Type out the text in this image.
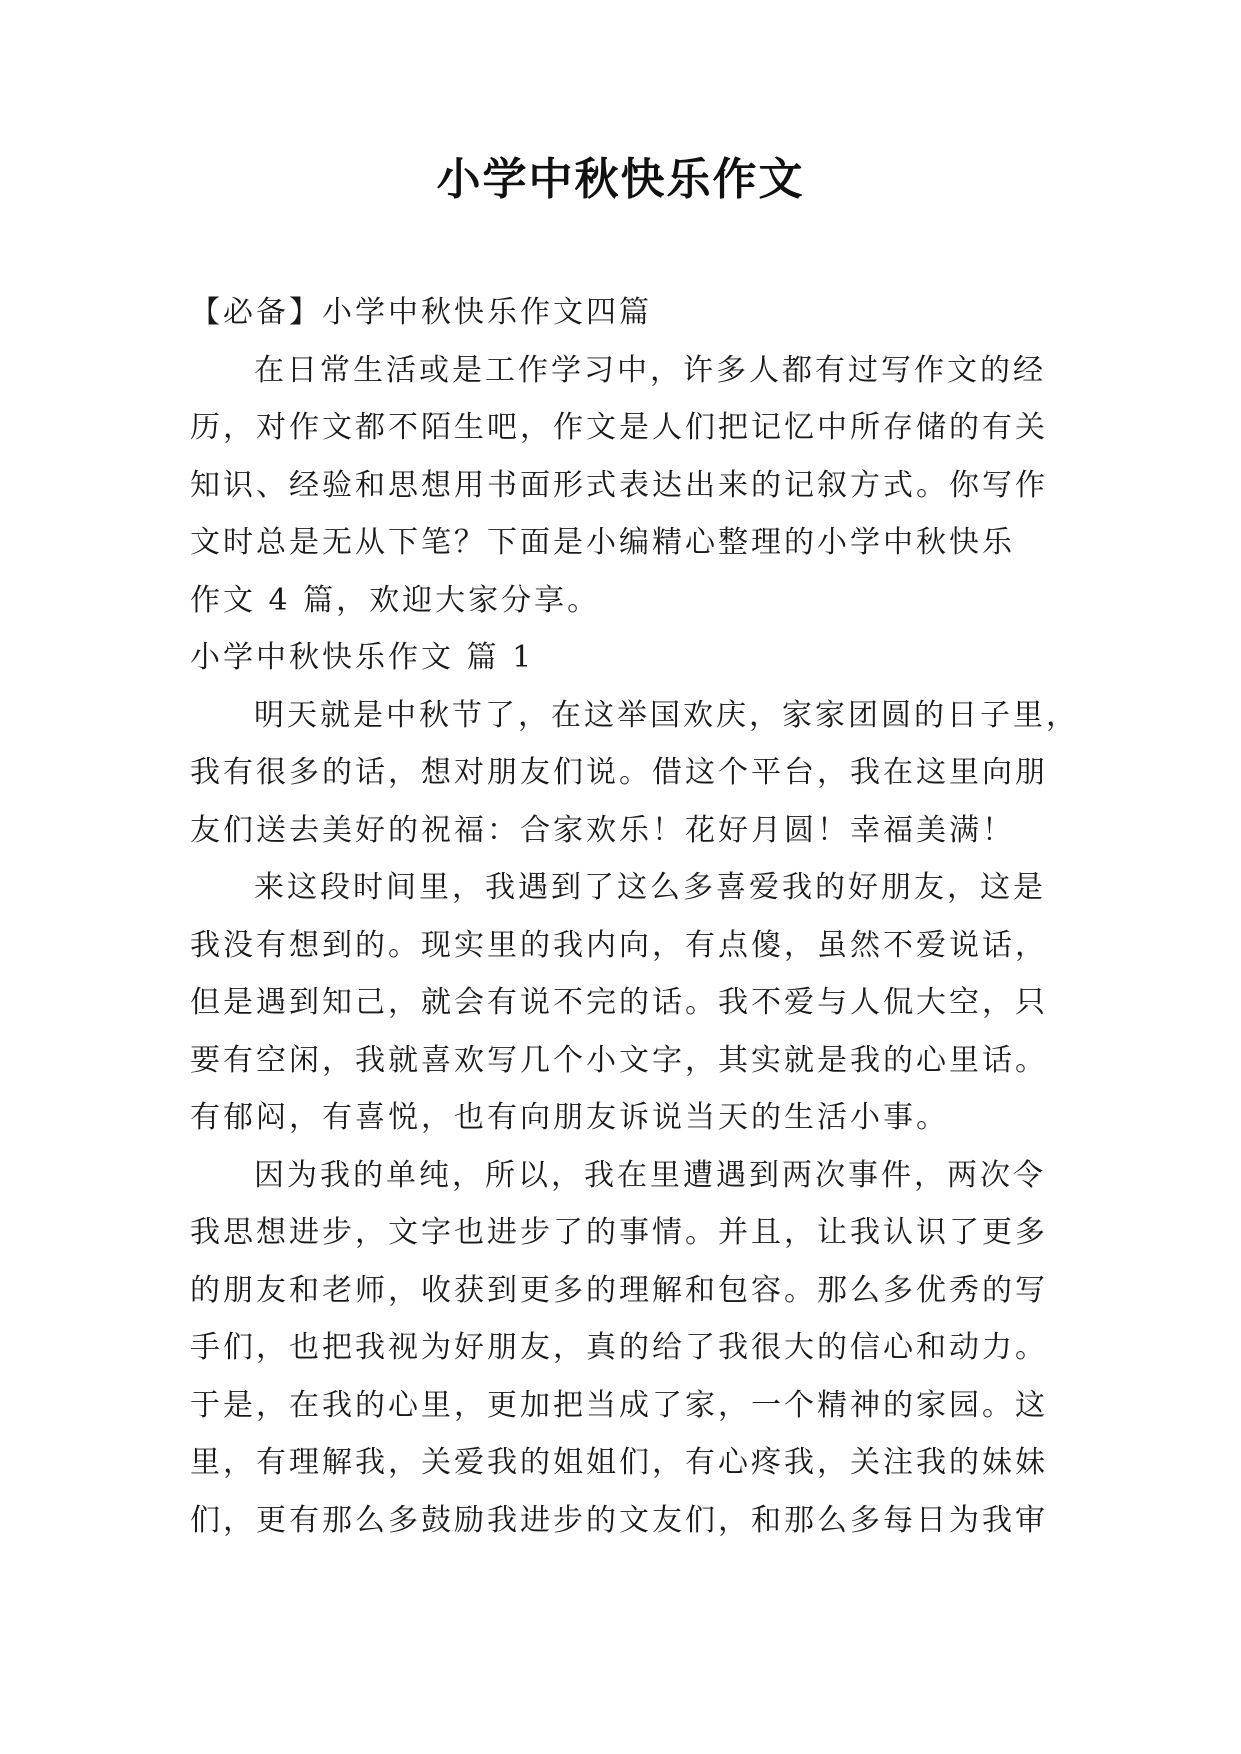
小学中秋快乐作文
【必备】小学中秋快乐作文四篇
在日常生活或是工作学习中，许多人都有过写作文的经
历，对作文都不陌生吧，作文是人们把记忆中所存储的有关
知识、经验和思想用书面形式表达出来的记叙方式。你写作
文时总是无从下笔？下面是小编精心整理的小学中秋快乐
作文 4 篇，欢迎大家分享。
小学中秋快乐作文 篇 1
明天就是中秋节了，在这举国欢庆，家家团圆的日子里，
我有很多的话，想对朋友们说。借这个平台，我在这里向朋
友们送去美好的祝福：合家欢乐！花好月圆！幸福美满！
来这段时间里，我遇到了这么多喜爱我的好朋友，这是
我没有想到的。现实里的我内向，有点傻，虽然不爱说话，
但是遇到知己，就会有说不完的话。我不爱与人侃大空，只
要有空闲，我就喜欢写几个小文字，其实就是我的心里话。
有郁闷，有喜悦，也有向朋友诉说当天的生活小事。
因为我的单纯，所以，我在里遭遇到两次事件，两次令
我思想进步，文字也进步了的事情。并且，让我认识了更多
的朋友和老师，收获到更多的理解和包容。那么多优秀的写
手们，也把我视为好朋友，真的给了我很大的信心和动力。
于是，在我的心里，更加把当成了家，一个精神的家园。这
里，有理解我，关爱我的姐姐们，有心疼我，关注我的妹妹
们，更有那么多鼓励我进步的文友们，和那么多每日为我审
